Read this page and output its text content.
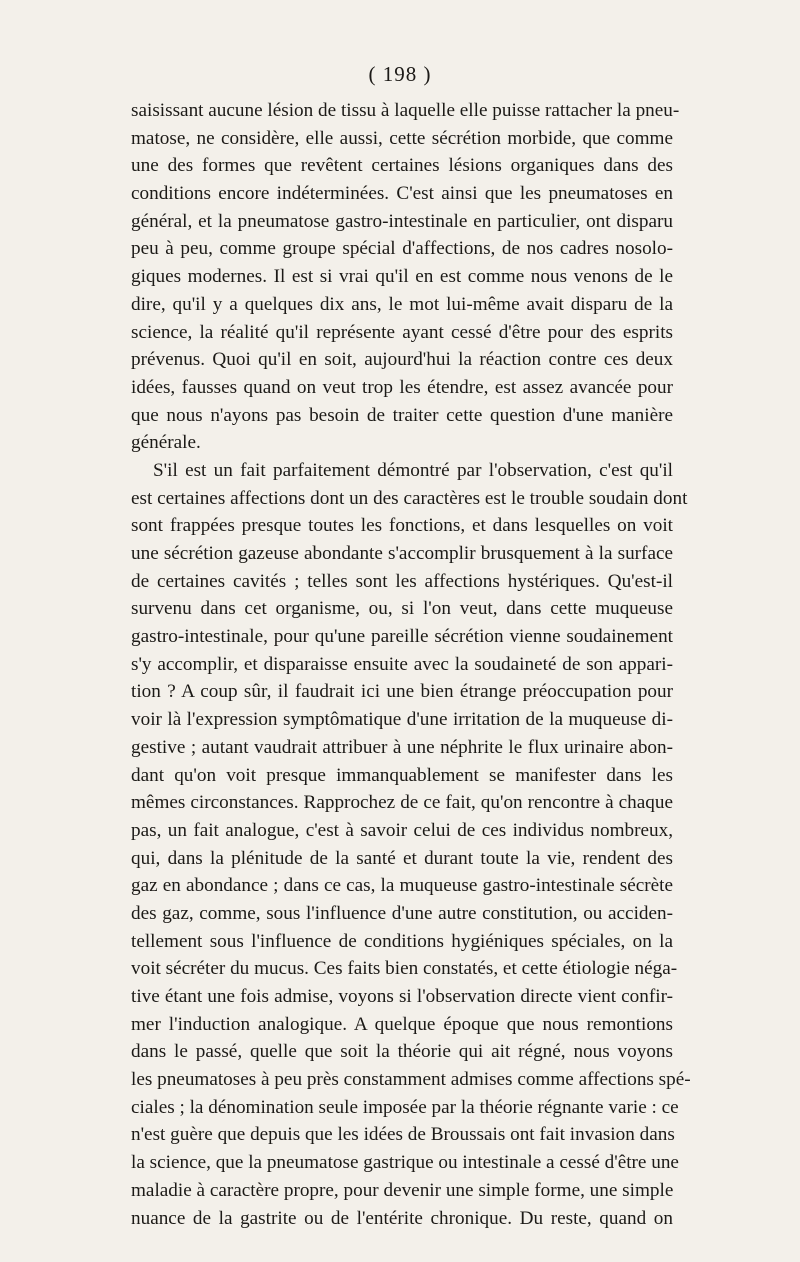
( 198 )
saisissant aucune lésion de tissu à laquelle elle puisse rattacher la pneu-
matose, ne considère, elle aussi, cette sécrétion morbide, que comme
une des formes que revêtent certaines lésions organiques dans des
conditions encore indéterminées. C'est ainsi que les pneumatoses en
général, et la pneumatose gastro-intestinale en particulier, ont disparu
peu à peu, comme groupe spécial d'affections, de nos cadres nosolo-
giques modernes. Il est si vrai qu'il en est comme nous venons de le
dire, qu'il y a quelques dix ans, le mot lui-même avait disparu de la
science, la réalité qu'il représente ayant cessé d'être pour des esprits
prévenus. Quoi qu'il en soit, aujourd'hui la réaction contre ces deux
idées, fausses quand on veut trop les étendre, est assez avancée pour
que nous n'ayons pas besoin de traiter cette question d'une manière
générale.
S'il est un fait parfaitement démontré par l'observation, c'est qu'il
est certaines affections dont un des caractères est le trouble soudain dont
sont frappées presque toutes les fonctions, et dans lesquelles on voit
une sécrétion gazeuse abondante s'accomplir brusquement à la surface
de certaines cavités ; telles sont les affections hystériques. Qu'est-il
survenu dans cet organisme, ou, si l'on veut, dans cette muqueuse
gastro-intestinale, pour qu'une pareille sécrétion vienne soudainement
s'y accomplir, et disparaisse ensuite avec la soudaineté de son appari-
tion ? A coup sûr, il faudrait ici une bien étrange préoccupation pour
voir là l'expression symptômatique d'une irritation de la muqueuse di-
gestive ; autant vaudrait attribuer à une néphrite le flux urinaire abon-
dant qu'on voit presque immanquablement se manifester dans les
mêmes circonstances. Rapprochez de ce fait, qu'on rencontre à chaque
pas, un fait analogue, c'est à savoir celui de ces individus nombreux,
qui, dans la plénitude de la santé et durant toute la vie, rendent des
gaz en abondance ; dans ce cas, la muqueuse gastro-intestinale sécrète
des gaz, comme, sous l'influence d'une autre constitution, ou acciden-
tellement sous l'influence de conditions hygiéniques spéciales, on la
voit sécréter du mucus. Ces faits bien constatés, et cette étiologie néga-
tive étant une fois admise, voyons si l'observation directe vient confir-
mer l'induction analogique. A quelque époque que nous remontions
dans le passé, quelle que soit la théorie qui ait régné, nous voyons
les pneumatoses à peu près constamment admises comme affections spé-
ciales ; la dénomination seule imposée par la théorie régnante varie : ce
n'est guère que depuis que les idées de Broussais ont fait invasion dans
la science, que la pneumatose gastrique ou intestinale a cessé d'être une
maladie à caractère propre, pour devenir une simple forme, une simple
nuance de la gastrite ou de l'entérite chronique. Du reste, quand on
